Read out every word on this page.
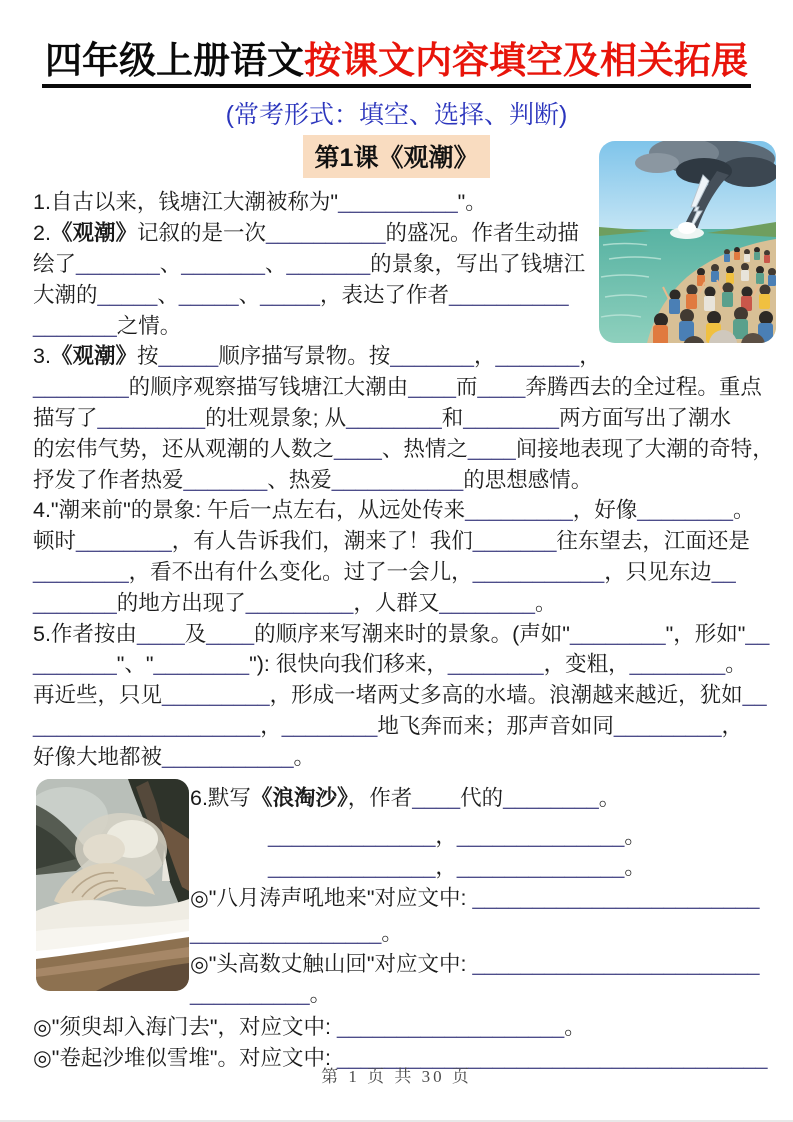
四年级上册语文按课文内容填空及相关拓展
(常考形式：填空、选择、判断)
第1课《观潮》
1.自古以来，钱塘江大潮被称为"__________"。
2.《观潮》记叙的是一次__________的盛况。作者生动描
绘了_______、_______、_______的景象，写出了钱塘江
大潮的_____、_____、_____，表达了作者__________
_______之情。
3.《观潮》按_____顺序描写景物。按_______，_______，
________的顺序观察描写钱塘江大潮由____而____奔腾西去的全过程。重点
描写了_________的壮观景象; 从________和________两方面写出了潮水
的宏伟气势，还从观潮的人数之____、热情之____间接地表现了大潮的奇特，
抒发了作者热爱_______、热爱___________的思想感情。
4."潮来前"的景象: 午后一点左右，从远处传来_________，好像________。
顿时________，有人告诉我们，潮来了！我们_______往东望去，江面还是
________，看不出有什么变化。过了一会儿，___________，只见东边__
_______的地方出现了_________，人群又________。
5.作者按由____及____的顺序来写潮来时的景象。(声如"________"，形如"__
_______"、"________"): 很快向我们移来，________，变粗，________。
再近些，只见_________，形成一堵两丈多高的水墙。浪潮越来越近，犹如__
___________________，________地飞奔而来；那声音如同_________，
好像大地都被___________。
6.默写《浪淘沙》，作者____代的________。
______________，______________。
______________，______________。
◎"八月涛声吼地来"对应文中: ________________________
________________。
◎"头高数丈触山回"对应文中: ________________________
__________。
◎"须臾却入海门去"，对应文中: ___________________。
◎"卷起沙堆似雪堆"。对应文中: ____________________________________
第 1 页 共 30 页
